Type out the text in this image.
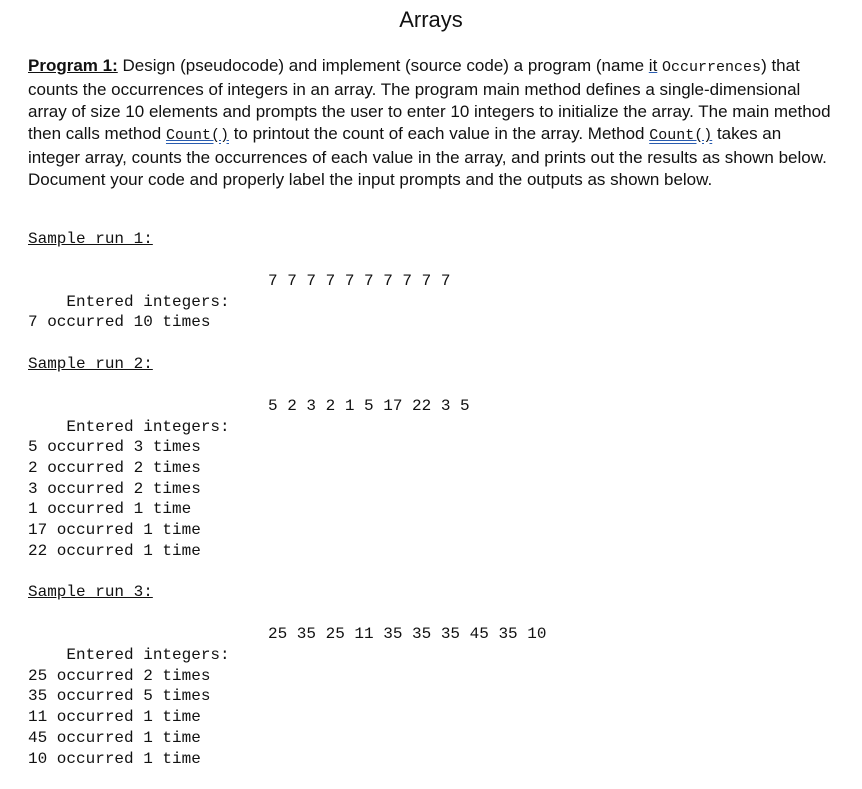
Arrays
Program 1: Design (pseudocode) and implement (source code) a program (name it Occurrences) that counts the occurrences of integers in an array. The program main method defines a single-dimensional array of size 10 elements and prompts the user to enter 10 integers to initialize the array. The main method then calls method Count() to printout the count of each value in the array. Method Count() takes an integer array, counts the occurrences of each value in the array, and prints out the results as shown below. Document your code and properly label the input prompts and the outputs as shown below.
Sample run 1:

Entered integers:
7 7 7 7 7 7 7 7 7 7

7 occurred 10 times
Sample run 2:

Entered integers:
5 2 3 2 1 5 17 22 3 5

5 occurred 3 times
2 occurred 2 times
3 occurred 2 times
1 occurred 1 time
17 occurred 1 time
22 occurred 1 time
Sample run 3:

Entered integers:
25 35 25 11 35 35 35 45 35 10

25 occurred 2 times
35 occurred 5 times
11 occurred 1 time
45 occurred 1 time
10 occurred 1 time
